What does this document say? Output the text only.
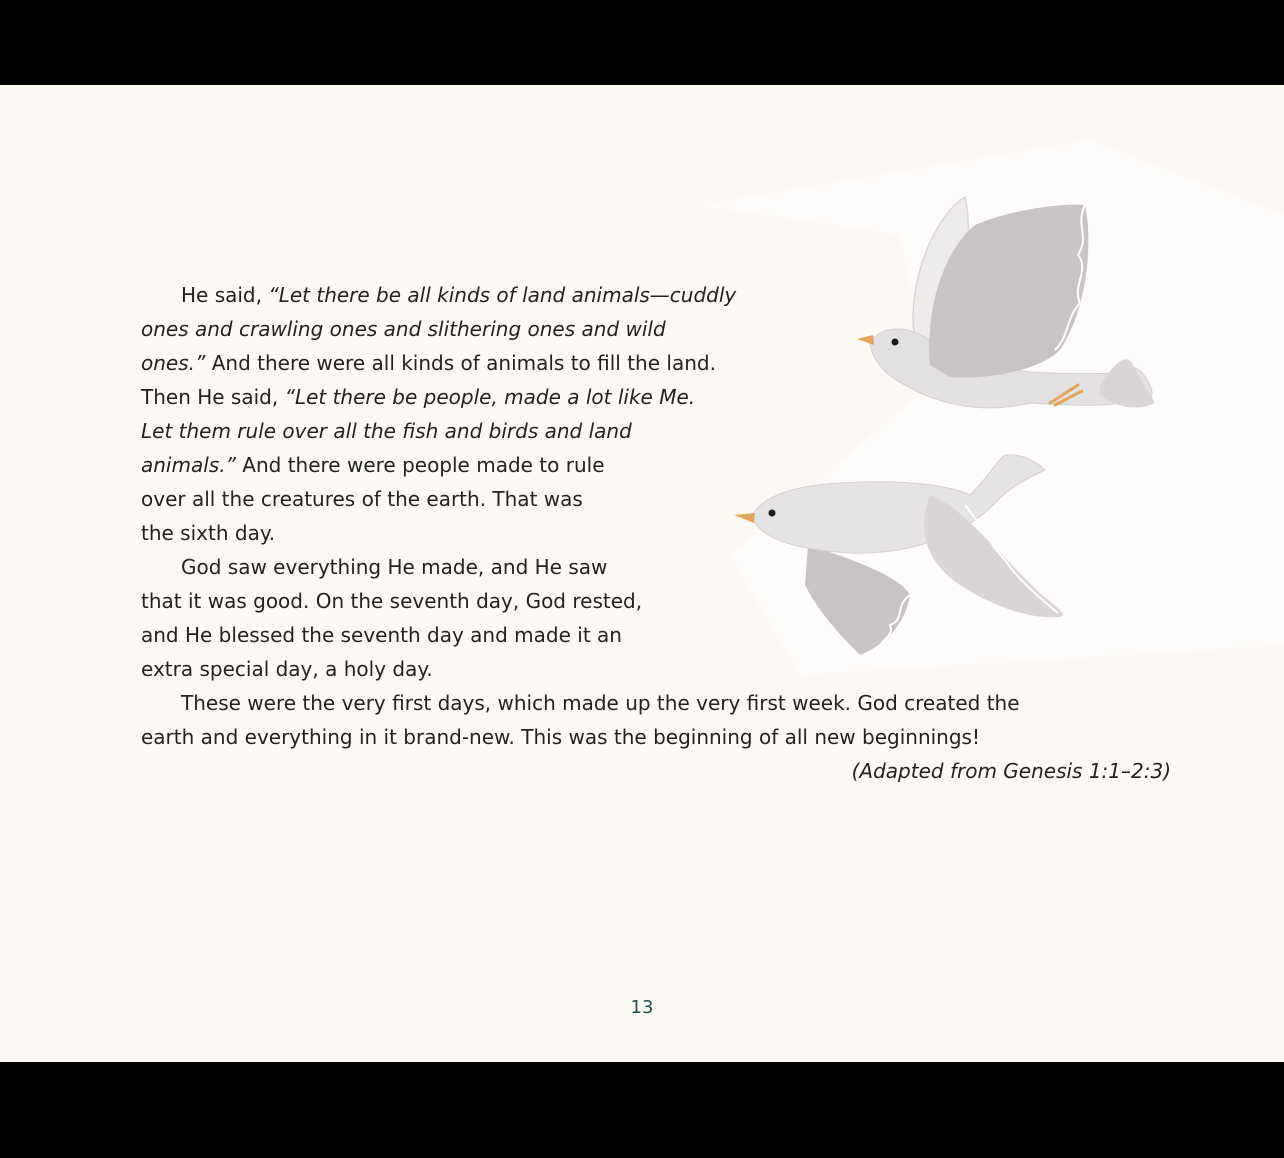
He said, “Let there be all kinds of land animals—cuddly
ones and crawling ones and slithering ones and wild
ones.” And there were all kinds of animals to fill the land.
Then He said, “Let there be people, made a lot like Me.
Let them rule over all the fish and birds and land
animals.” And there were people made to rule
over all the creatures of the earth. That was
the sixth day.
God saw everything He made, and He saw
that it was good. On the seventh day, God rested,
and He blessed the seventh day and made it an
extra special day, a holy day.
These were the very first days, which made up the very first week. God created the
earth and everything in it brand-new. This was the beginning of all new beginnings!
(Adapted from Genesis 1:1–2:3)
13
